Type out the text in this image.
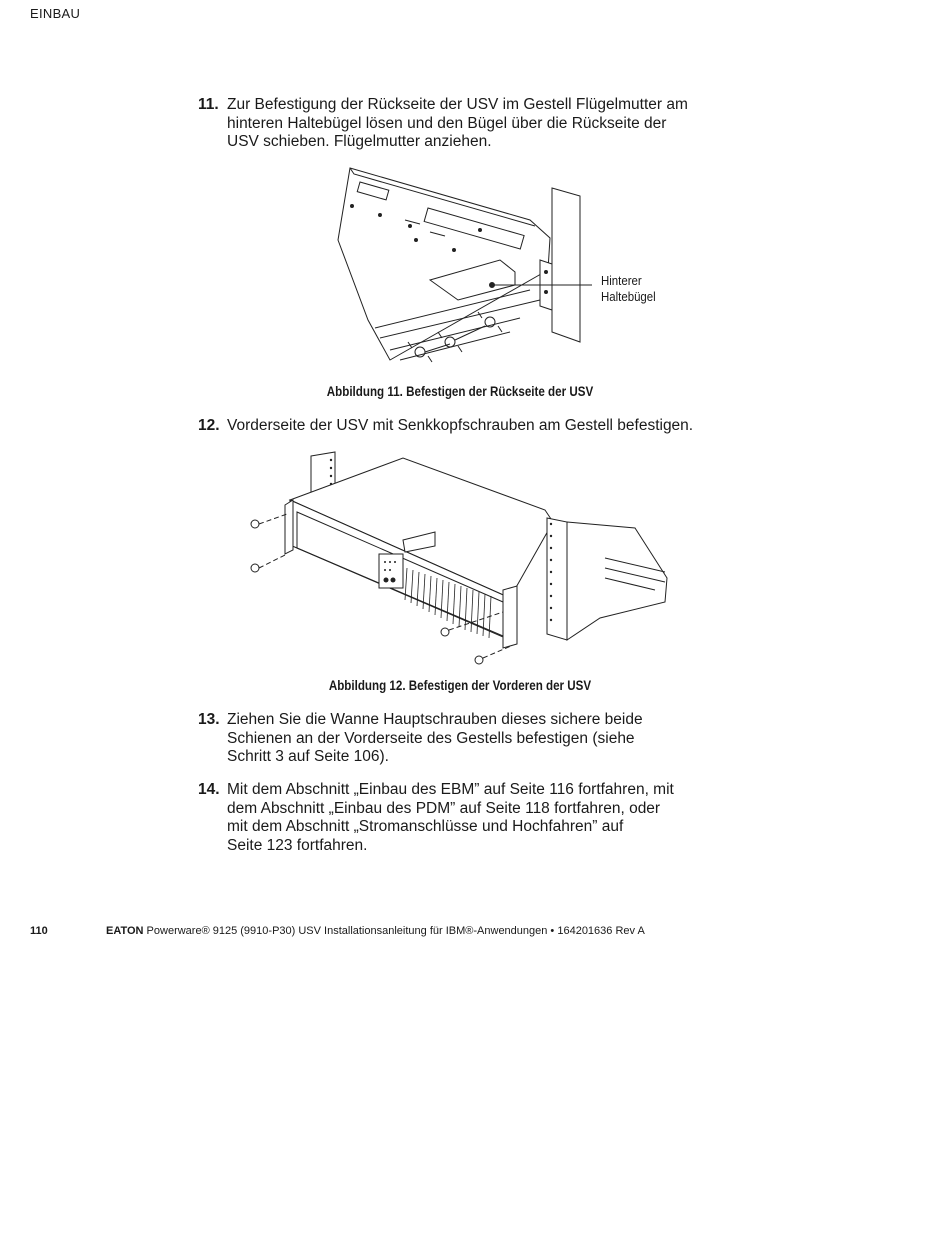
EINBAU
11. Zur Befestigung der Rückseite der USV im Gestell Flügelmutter am
hinteren Haltebügel lösen und den Bügel über die Rückseite der
USV schieben. Flügelmutter anziehen.
Hinterer
Haltebügel
Abbildung 11. Befestigen der Rückseite der USV
12. Vorderseite der USV mit Senkkopfschrauben am Gestell befestigen.
Abbildung 12. Befestigen der Vorderen der USV
13. Ziehen Sie die Wanne Hauptschrauben dieses sichere beide
Schienen an der Vorderseite des Gestells befestigen (siehe
Schritt 3 auf Seite 106).
14. Mit dem Abschnitt „Einbau des EBM” auf Seite 116 fortfahren, mit
dem Abschnitt „Einbau des PDM” auf Seite 118 fortfahren, oder
mit dem Abschnitt „Stromanschlüsse und Hochfahren” auf
Seite 123 fortfahren.
110	EATON Powerware® 9125 (9910-P30) USV Installationsanleitung für IBM®-Anwendungen • 164201636 Rev A
